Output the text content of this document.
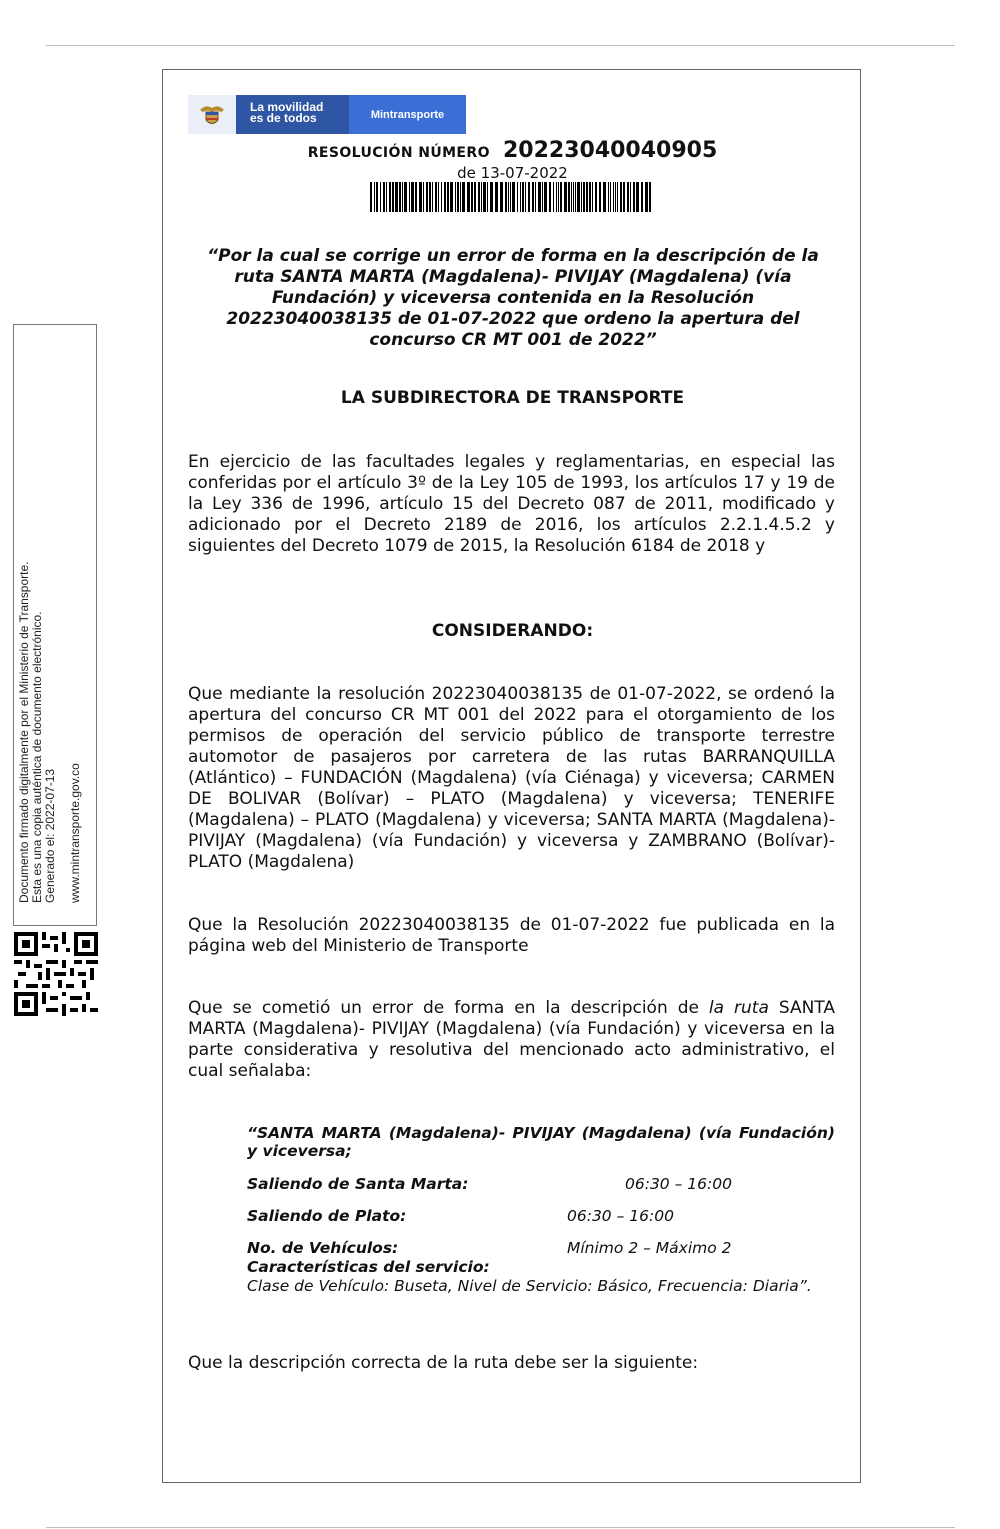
Documento firmado digitalmente por el Ministerio de Transporte. Esta es una copia auténtica de documento electrónico. Generado el: 2022-07-13 www.mintransporte.gov.co
La movilidad
es de todos	Mintransporte
RESOLUCIÓN NÚMERO 20223040040905
de 13-07-2022
“Por la cual se corrige un error de forma en la descripción de la ruta SANTA MARTA (Magdalena)- PIVIJAY (Magdalena) (vía Fundación) y viceversa contenida en la Resolución 20223040038135 de 01-07-2022 que ordeno la apertura del concurso CR MT 001 de 2022”
LA SUBDIRECTORA DE TRANSPORTE
En ejercicio de las facultades legales y reglamentarias, en especial las conferidas por el artículo 3º de la Ley 105 de 1993, los artículos 17 y 19 de la Ley 336 de 1996, artículo 15 del Decreto 087 de 2011, modificado y adicionado por el Decreto 2189 de 2016, los artículos 2.2.1.4.5.2 y siguientes del Decreto 1079 de 2015, la Resolución 6184 de 2018 y
CONSIDERANDO:
Que mediante la resolución 20223040038135 de 01-07-2022, se ordenó la apertura del concurso CR MT 001 del 2022 para el otorgamiento de los permisos de operación del servicio público de transporte terrestre automotor de pasajeros por carretera de las rutas BARRANQUILLA (Atlántico) – FUNDACIÓN (Magdalena) (vía Ciénaga) y viceversa; CARMEN DE BOLIVAR (Bolívar) – PLATO (Magdalena) y viceversa; TENERIFE (Magdalena) – PLATO (Magdalena) y viceversa; SANTA MARTA (Magdalena)- PIVIJAY (Magdalena) (vía Fundación) y viceversa y ZAMBRANO (Bolívar)- PLATO (Magdalena)
Que la Resolución 20223040038135 de 01-07-2022 fue publicada en la página web del Ministerio de Transporte
Que se cometió un error de forma en la descripción de la ruta SANTA MARTA (Magdalena)- PIVIJAY (Magdalena) (vía Fundación) y viceversa en la parte considerativa y resolutiva del mencionado acto administrativo, el cual señalaba:
“SANTA MARTA (Magdalena)- PIVIJAY (Magdalena) (vía Fundación) y viceversa;
Saliendo de Santa Marta:	06:30 – 16:00
Saliendo de Plato:	06:30 – 16:00
No. de Vehículos:	Mínimo 2 – Máximo 2
Características del servicio:
Clase de Vehículo: Buseta, Nivel de Servicio: Básico, Frecuencia: Diaria”.
Que la descripción correcta de la ruta debe ser la siguiente:
